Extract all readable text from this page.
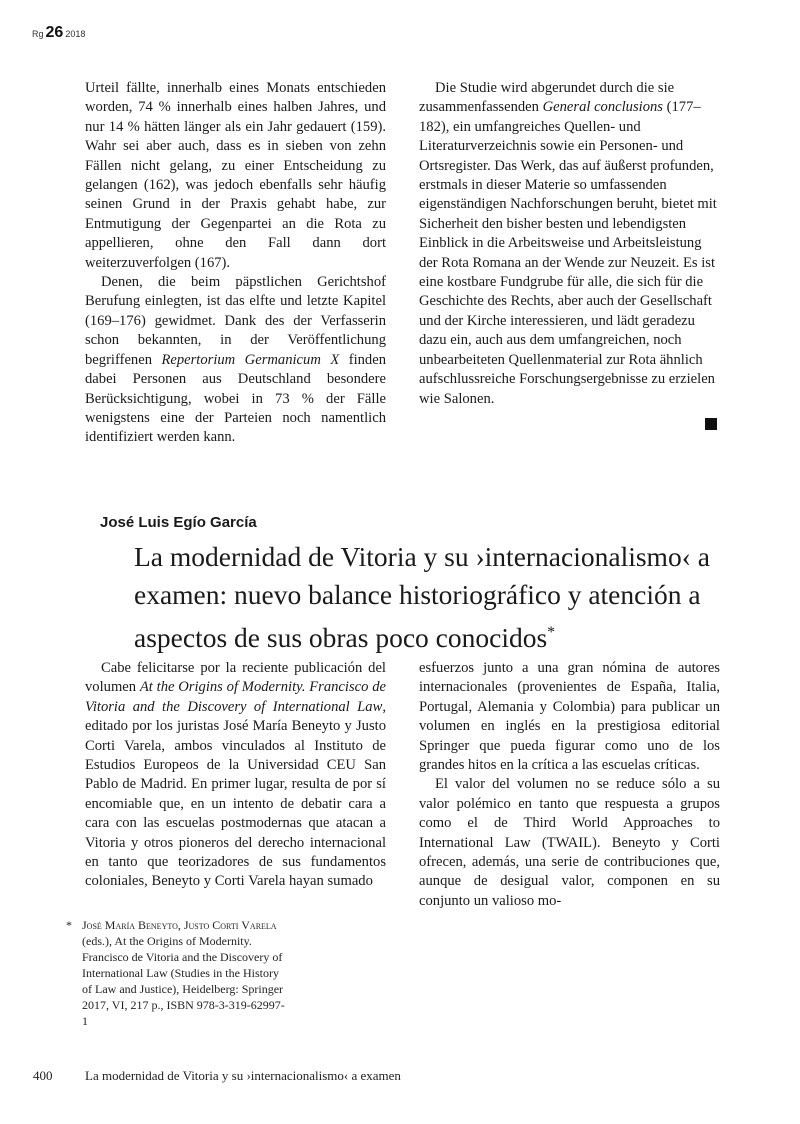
Rg 26 2018

Urteil fällte, innerhalb eines Monats entschieden worden, 74 % innerhalb eines halben Jahres, und nur 14 % hätten länger als ein Jahr gedauert (159). Wahr sei aber auch, dass es in sieben von zehn Fällen nicht gelang, zu einer Entscheidung zu gelangen (162), was jedoch ebenfalls sehr häufig seinen Grund in der Praxis gehabt habe, zur Entmutigung der Gegenpartei an die Rota zu appellieren, ohne den Fall dann dort weiterzuverfolgen (167).

Denen, die beim päpstlichen Gerichtshof Berufung einlegten, ist das elfte und letzte Kapitel (169–176) gewidmet. Dank des der Verfasserin schon bekannten, in der Veröffentlichung begriffenen Repertorium Germanicum X finden dabei Personen aus Deutschland besondere Berücksichtigung, wobei in 73 % der Fälle wenigstens eine der Parteien noch namentlich identifiziert werden kann.

Die Studie wird abgerundet durch die sie zusammenfassenden General conclusions (177–182), ein umfangreiches Quellen- und Literaturverzeichnis sowie ein Personen- und Ortsregister. Das Werk, das auf äußerst profunden, erstmals in dieser Materie so umfassenden eigenständigen Nachforschungen beruht, bietet mit Sicherheit den bisher besten und lebendigsten Einblick in die Arbeitsweise und Arbeitsleistung der Rota Romana an der Wende zur Neuzeit. Es ist eine kostbare Fundgrube für alle, die sich für die Geschichte des Rechts, aber auch der Gesellschaft und der Kirche interessieren, und lädt geradezu dazu ein, auch aus dem umfangreichen, noch unbearbeiteten Quellenmaterial zur Rota ähnlich aufschlussreiche Forschungsergebnisse zu erzielen wie Salonen.

José Luis Egío García
La modernidad de Vitoria y su ›internacionalismo‹ a examen: nuevo balance historiográfico y atención a aspectos de sus obras poco conocidos*

Cabe felicitarse por la reciente publicación del volumen At the Origins of Modernity. Francisco de Vitoria and the Discovery of International Law, editado por los juristas José María Beneyto y Justo Corti Varela, ambos vinculados al Instituto de Estudios Europeos de la Universidad CEU San Pablo de Madrid. En primer lugar, resulta de por sí encomiable que, en un intento de debatir cara a cara con las escuelas postmodernas que atacan a Vitoria y otros pioneros del derecho internacional en tanto que teorizadores de sus fundamentos coloniales, Beneyto y Corti Varela hayan sumado

esfuerzos junto a una gran nómina de autores internacionales (provenientes de España, Italia, Portugal, Alemania y Colombia) para publicar un volumen en inglés en la prestigiosa editorial Springer que pueda figurar como uno de los grandes hitos en la crítica a las escuelas críticas.

El valor del volumen no se reduce sólo a su valor polémico en tanto que respuesta a grupos como el de Third World Approaches to International Law (TWAIL). Beneyto y Corti ofrecen, además, una serie de contribuciones que, aunque de desigual valor, componen en su conjunto un valioso mo-

* José María Beneyto, Justo Corti Varela (eds.), At the Origins of Modernity. Francisco de Vitoria and the Discovery of International Law (Studies in the History of Law and Justice), Heidelberg: Springer 2017, VI, 217 p., ISBN 978-3-319-62997-1
400	La modernidad de Vitoria y su ›internacionalismo‹ a examen
